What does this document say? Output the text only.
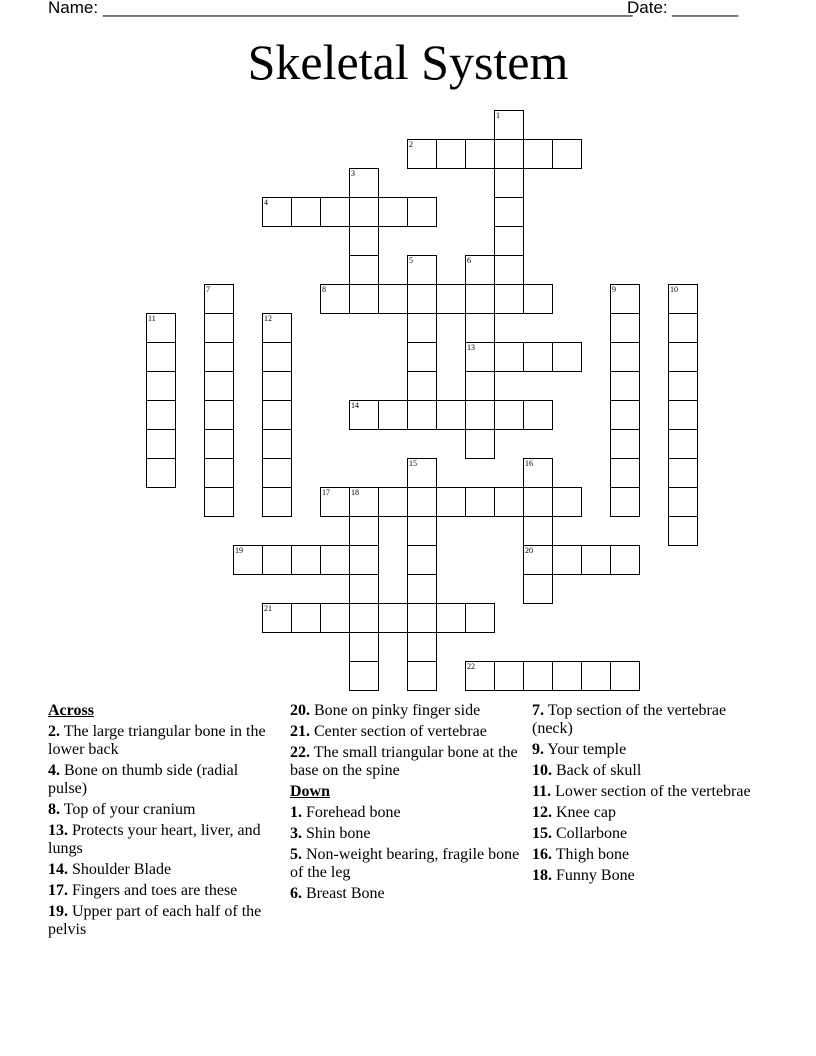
Name: ________________________________________________________
Date: _______
Skeletal System
1
2
3
4
5	6
13
7	8	9	10
11	12
14
15	16
20
17	18
19
21
22
Across
2. The large triangular bone in the lower back
4. Bone on thumb side (radial pulse)
8. Top of your cranium
13. Protects your heart, liver, and lungs
14. Shoulder Blade
17. Fingers and toes are these
19. Upper part of each half of the pelvis
20. Bone on pinky finger side
21. Center section of vertebrae
22. The small triangular bone at the base on the spine
Down
1. Forehead bone
3. Shin bone
5. Non-weight bearing, fragile bone of the leg
6. Breast Bone
7. Top section of the vertebrae (neck)
9. Your temple
10. Back of skull
11. Lower section of the vertebrae
12. Knee cap
15. Collarbone
16. Thigh bone
18. Funny Bone
